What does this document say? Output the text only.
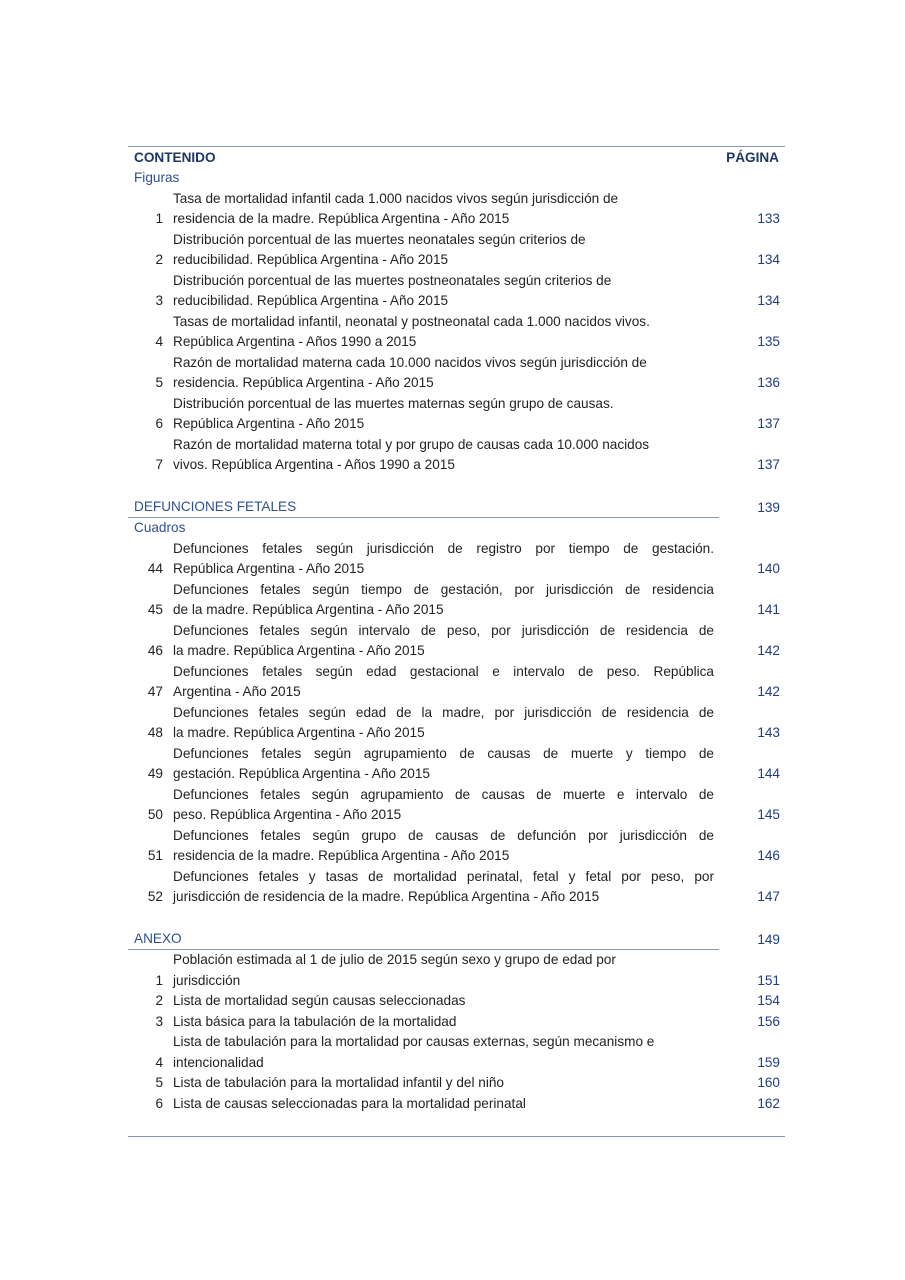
CONTENIDO	PÁGINA
Figuras
1
Tasa de mortalidad infantil cada 1.000 nacidos vivos según jurisdicción de
residencia de la madre. República Argentina - Año 2015	133
2
Distribución porcentual de las muertes neonatales según criterios de
reducibilidad. República Argentina - Año 2015	134
3
Distribución porcentual de las muertes postneonatales según criterios de
reducibilidad. República Argentina - Año 2015	134
4
Tasas de mortalidad infantil, neonatal y postneonatal cada 1.000 nacidos vivos.
República Argentina - Años 1990 a 2015	135
5
Razón de mortalidad materna cada 10.000 nacidos vivos según jurisdicción de
residencia. República Argentina - Año 2015	136
6
Distribución porcentual de las muertes maternas según grupo de causas.
República Argentina - Año 2015	137
7
Razón de mortalidad materna total y por grupo de causas cada 10.000 nacidos
vivos. República Argentina - Años 1990 a 2015	137
DEFUNCIONES FETALES	139
Cuadros
44
Defunciones fetales según jurisdicción de registro por tiempo de gestación.
República Argentina - Año 2015	140
45
Defunciones fetales según tiempo de gestación, por jurisdicción de residencia
de la madre. República Argentina - Año 2015	141
46
Defunciones fetales según intervalo de peso, por jurisdicción de residencia de
la madre. República Argentina - Año 2015	142
47
Defunciones fetales según edad gestacional e intervalo de peso. República
Argentina - Año 2015	142
48
Defunciones fetales según edad de la madre, por jurisdicción de residencia de
la madre. República Argentina - Año 2015	143
49
Defunciones fetales según agrupamiento de causas de muerte y tiempo de
gestación. República Argentina - Año 2015	144
50
Defunciones fetales según agrupamiento de causas de muerte e intervalo de
peso. República Argentina - Año 2015	145
51
Defunciones fetales según grupo de causas de defunción por jurisdicción de
residencia de la madre. República Argentina - Año 2015	146
52
Defunciones fetales y tasas de mortalidad perinatal, fetal y fetal por peso, por
jurisdicción de residencia de la madre. República Argentina - Año 2015	147
ANEXO	149
1
Población estimada al 1 de julio de 2015 según sexo y grupo de edad por
jurisdicción	151
2 Lista de mortalidad según causas seleccionadas	154
3 Lista básica para la tabulación de la mortalidad	156
4
Lista de tabulación para la mortalidad por causas externas, según mecanismo e
intencionalidad	159
5 Lista de tabulación para la mortalidad infantil y del niño	160
6 Lista de causas seleccionadas para la mortalidad perinatal	162
